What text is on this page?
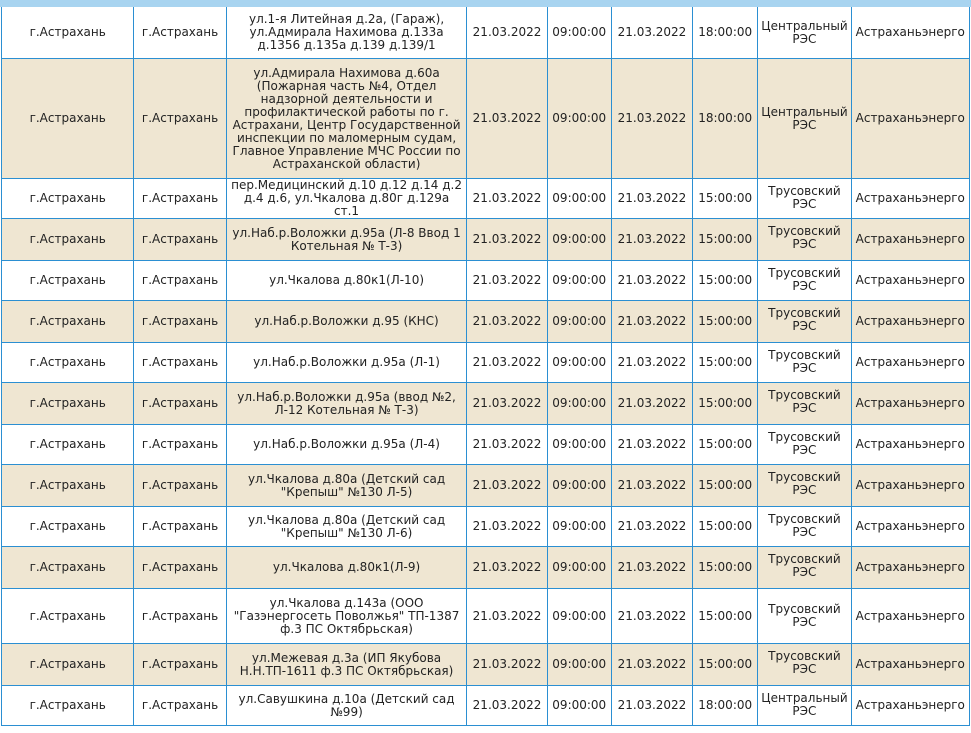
г.Астрахань	г.Астрахань	ул.1-я Литейная д.2а, (Гараж), ул.Адмирала Нахимова д.133а д.1356 д.135а д.139 д.139/1	21.03.2022	09:00:00	21.03.2022	18:00:00	Центральный РЭС	Астраханьэнерго
г.Астрахань	г.Астрахань	ул.Адмирала Нахимова д.60а (Пожарная часть №4, Отдел надзорной деятельности и профилактической работы по г. Астрахани, Центр Государственной инспекции по маломерным судам, Главное Управление МЧС России по Астраханской области)	21.03.2022	09:00:00	21.03.2022	18:00:00	Центральный РЭС	Астраханьэнерго
г.Астрахань	г.Астрахань	пер.Медицинский д.10 д.12 д.14 д.2 д.4 д.6, ул.Чкалова д.80г д.129а ст.1	21.03.2022	09:00:00	21.03.2022	15:00:00	Трусовский РЭС	Астраханьэнерго
г.Астрахань	г.Астрахань	ул.Наб.р.Воложки д.95а (Л-8 Ввод 1 Котельная № Т-3)	21.03.2022	09:00:00	21.03.2022	15:00:00	Трусовский РЭС	Астраханьэнерго
г.Астрахань	г.Астрахань	ул.Чкалова д.80к1(Л-10)	21.03.2022	09:00:00	21.03.2022	15:00:00	Трусовский РЭС	Астраханьэнерго
г.Астрахань	г.Астрахань	ул.Наб.р.Воложки д.95 (КНС)	21.03.2022	09:00:00	21.03.2022	15:00:00	Трусовский РЭС	Астраханьэнерго
г.Астрахань	г.Астрахань	ул.Наб.р.Воложки д.95а (Л-1)	21.03.2022	09:00:00	21.03.2022	15:00:00	Трусовский РЭС	Астраханьэнерго
г.Астрахань	г.Астрахань	ул.Наб.р.Воложки д.95а (ввод №2, Л-12 Котельная № Т-3)	21.03.2022	09:00:00	21.03.2022	15:00:00	Трусовский РЭС	Астраханьэнерго
г.Астрахань	г.Астрахань	ул.Наб.р.Воложки д.95а (Л-4)	21.03.2022	09:00:00	21.03.2022	15:00:00	Трусовский РЭС	Астраханьэнерго
г.Астрахань	г.Астрахань	ул.Чкалова д.80а (Детский сад "Крепыш" №130 Л-5)	21.03.2022	09:00:00	21.03.2022	15:00:00	Трусовский РЭС	Астраханьэнерго
г.Астрахань	г.Астрахань	ул.Чкалова д.80а (Детский сад "Крепыш" №130 Л-6)	21.03.2022	09:00:00	21.03.2022	15:00:00	Трусовский РЭС	Астраханьэнерго
г.Астрахань	г.Астрахань	ул.Чкалова д.80к1(Л-9)	21.03.2022	09:00:00	21.03.2022	15:00:00	Трусовский РЭС	Астраханьэнерго
г.Астрахань	г.Астрахань	ул.Чкалова д.143а (ООО "Газэнергосеть Поволжья" ТП-1387 ф.3 ПС Октябрьская)	21.03.2022	09:00:00	21.03.2022	15:00:00	Трусовский РЭС	Астраханьэнерго
г.Астрахань	г.Астрахань	ул.Межевая д.3а (ИП Якубова Н.Н.ТП-1611 ф.3 ПС Октябрьская)	21.03.2022	09:00:00	21.03.2022	15:00:00	Трусовский РЭС	Астраханьэнерго
г.Астрахань	г.Астрахань	ул.Савушкина д.10а (Детский сад №99)	21.03.2022	09:00:00	21.03.2022	18:00:00	Центральный РЭС	Астраханьэнерго
